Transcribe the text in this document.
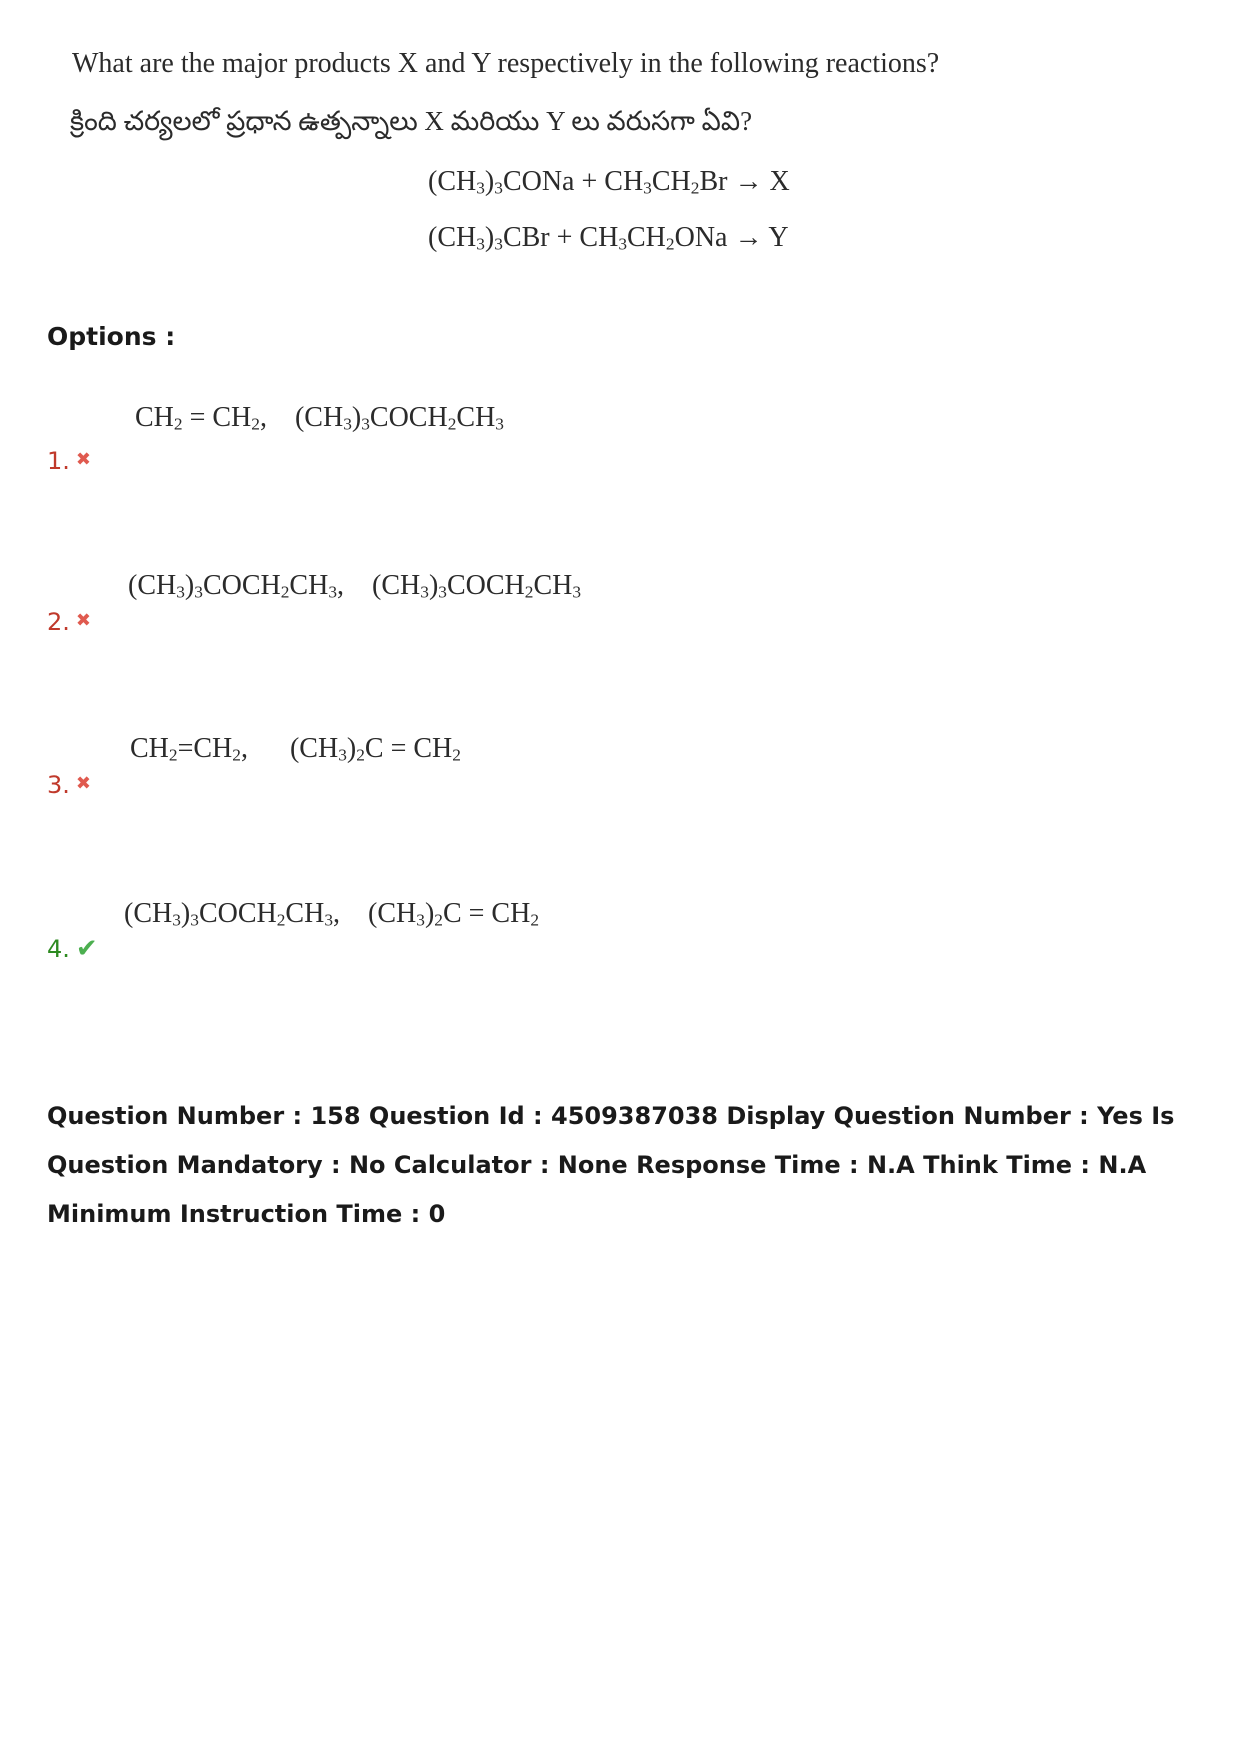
What are the major products X and Y respectively in the following reactions?
క్రింది చర్యలలో ప్రధాన ఉత్పన్నాలు X మరియు Y లు వరుసగా ఏవి?
$(CH_3)_3CONa + CH_3CH_2Br \to X$
$(CH_3)_3CBr + CH_3CH_2ONa \to Y$
Options :
$CH_2 = CH_2$,    $(CH_3)_3COCH_2CH_3$
1. ✖
$(CH_3)_3COCH_2CH_3$,    $(CH_3)_3COCH_2CH_3$
2. ✖
$CH_2=CH_2$,      $(CH_3)_2C = CH_2$
3. ✖
$(CH_3)_3COCH_2CH_3$,    $(CH_3)_2C = CH_2$
4. ✔
Question Number : 158 Question Id : 4509387038 Display Question Number : Yes Is Question Mandatory : No Calculator : None Response Time : N.A Think Time : N.A Minimum Instruction Time : 0
